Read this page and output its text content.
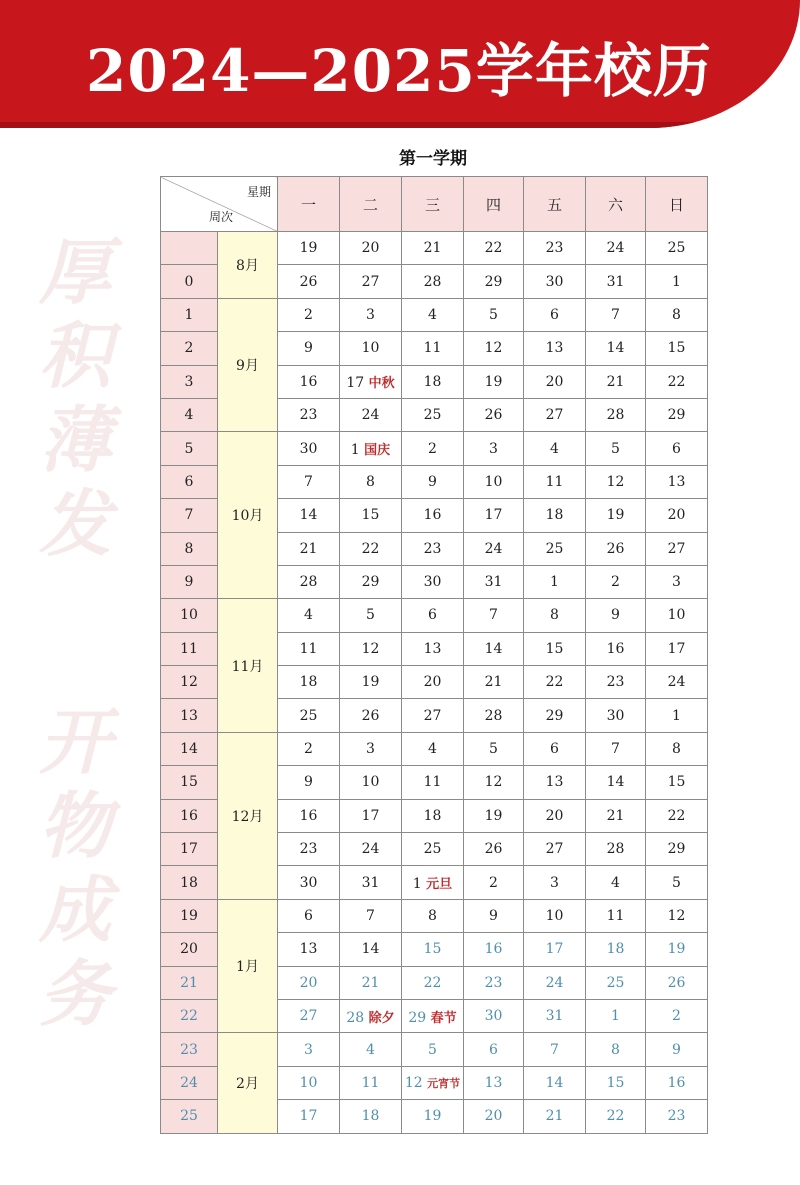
2024—2025学年校历
厚
积
薄
发
开
物
成
务
第一学期
星期
周次		一	二	三	四	五	六	日
	8月	19	20	21	22	23	24	25
0		26	27	28	29	30	31	1
1	9月	2	3	4	5	6	7	8
2		9	10	11	12	13	14	15
3		16	17 中秋	18	19	20	21	22
4		23	24	25	26	27	28	29
5	10月	30	1 国庆	2	3	4	5	6
6		7	8	9	10	11	12	13
7		14	15	16	17	18	19	20
8		21	22	23	24	25	26	27
9		28	29	30	31	1	2	3
10	11月	4	5	6	7	8	9	10
11		11	12	13	14	15	16	17
12		18	19	20	21	22	23	24
13		25	26	27	28	29	30	1
14	12月	2	3	4	5	6	7	8
15		9	10	11	12	13	14	15
16		16	17	18	19	20	21	22
17		23	24	25	26	27	28	29
18		30	31	1 元旦	2	3	4	5
19	1月	6	7	8	9	10	11	12
20		13	14	15	16	17	18	19
21		20	21	22	23	24	25	26
22		27	28 除夕	29 春节	30	31	1	2
23	2月	3	4	5	6	7	8	9
24		10	11	12 元宵节	13	14	15	16
25		17	18	19	20	21	22	23
